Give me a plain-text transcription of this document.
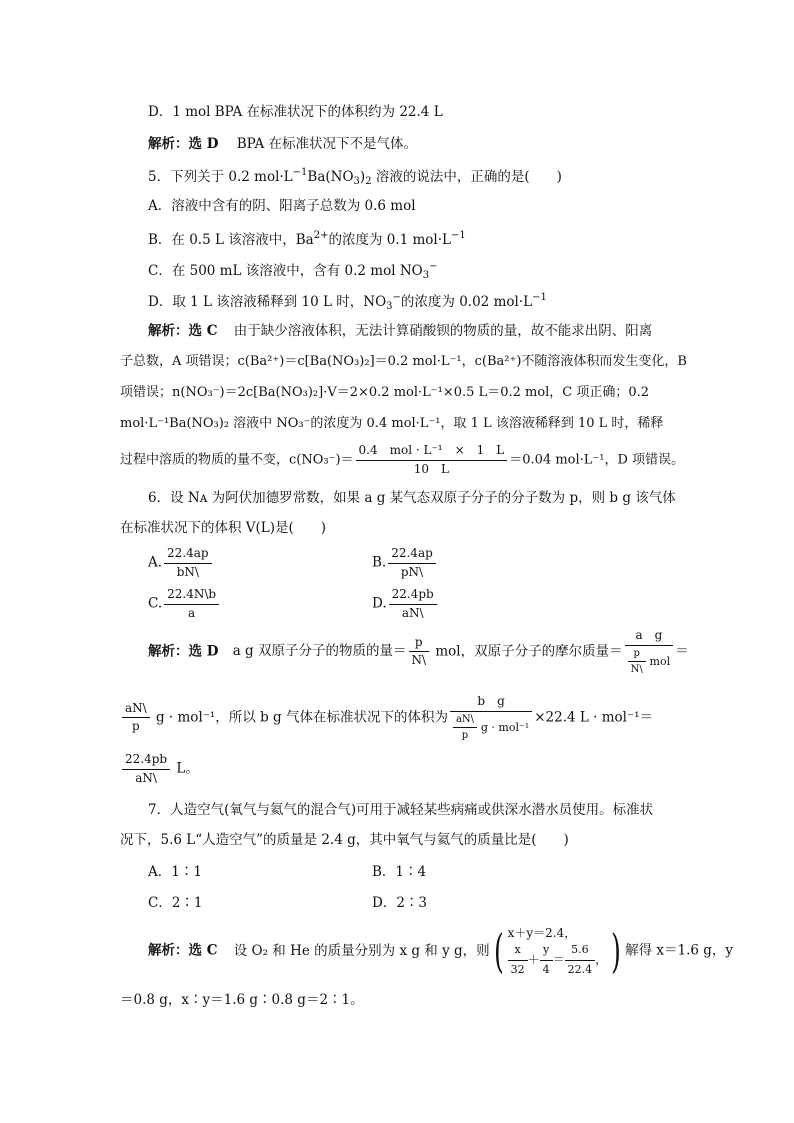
D．1 mol BPA 在标准状况下的体积约为 22.4 L
解析：选 D BPA 在标准状况下不是气体。
5．下列关于 0.2 $mol\cdot L^{-1}Ba(NO_3)_2$ 溶液的说法中，正确的是(　　)
A．溶液中含有的阴、阳离子总数为 0.6 mol
B．在 0.5 L 该溶液中，$Ba^{2+}$的浓度为 0.1 $mol\cdot L^{-1}$
C．在 500 mL 该溶液中，含有 0.2 mol $NO_3^-$
D．取 1 L 该溶液稀释到 10 L 时，$NO_3^-$的浓度为 0.02 $mol\cdot L^{-1}$
解析：选 C 由于缺少溶液体积，无法计算硝酸钡的物质的量，故不能求出阴、阳离
子总数，A 项错误；c(Ba²⁺)＝c[Ba(NO₃)₂]＝0.2 mol·L⁻¹，c(Ba²⁺)不随溶液体积而发生变化，B
项错误；n(NO₃⁻)＝2c[Ba(NO₃)₂]·V＝2×0.2 mol·L⁻¹×0.5 L＝0.2 mol，C 项正确；0.2
mol·L⁻¹Ba(NO₃)₂ 溶液中 NO₃⁻的浓度为 0.4 mol·L⁻¹，取 1 L 该溶液稀释到 10 L 时，稀释
过程中溶质的物质的量不变，$c(NO_3^-)= \frac{\text{0.4　mol · L⁻¹　×　1　L}}{10 L} =0.04$ mol·L⁻¹，D 项错误。
6．设 Nᴀ 为阿伏加德罗常数，如果 a g 某气态双原子分子的分子数为 p，则 b g 该气体
在标准状况下的体积 V(L)是(　　)
A. $\frac{22.4ap}{bN\backslash}$	B. $\frac{22.4ap}{pN\backslash}$
C. $\frac{22.4N\backslash b}{a}$	D. $\frac{22.4pb}{aN\backslash}$
解析：选 D a g 双原子分子的物质的量＝ $\frac{p}{N\backslash}$ mol，双原子分子的摩尔质量＝ $\frac{\text{a　g}}{\frac{p}{N\backslash} mol}$ ＝
$\frac{aN\backslash}{p}$ g · mol⁻¹，所以 b g 气体在标准状况下的体积为 $\frac{\text{b　g}}{\frac{aN\backslash}{p} g \cdot mol^{-1}} \times 22.4$ L · mol⁻¹＝
$\frac{22.4pb}{aN\backslash}$ L。
7．人造空气(氧气与氦气的混合气)可用于减轻某些病痛或供深水潜水员使用。标准状
况下，5.6 L“人造空气”的质量是 2.4 g，其中氧气与氦气的质量比是(　　)
A．1∶1	B．1∶4
C．2∶1	D．2∶3
解析：选 C 设 O₂ 和 He 的质量分别为 x g 和 y g，则( x＋y＝2.4，
$\frac{x}{32} + \frac{y}{4} = \frac{5.6}{22.4}$ ， ) 解得 x＝1.6 g，y
＝0.8 g，x∶y＝1.6 g∶0.8 g＝2∶1。
